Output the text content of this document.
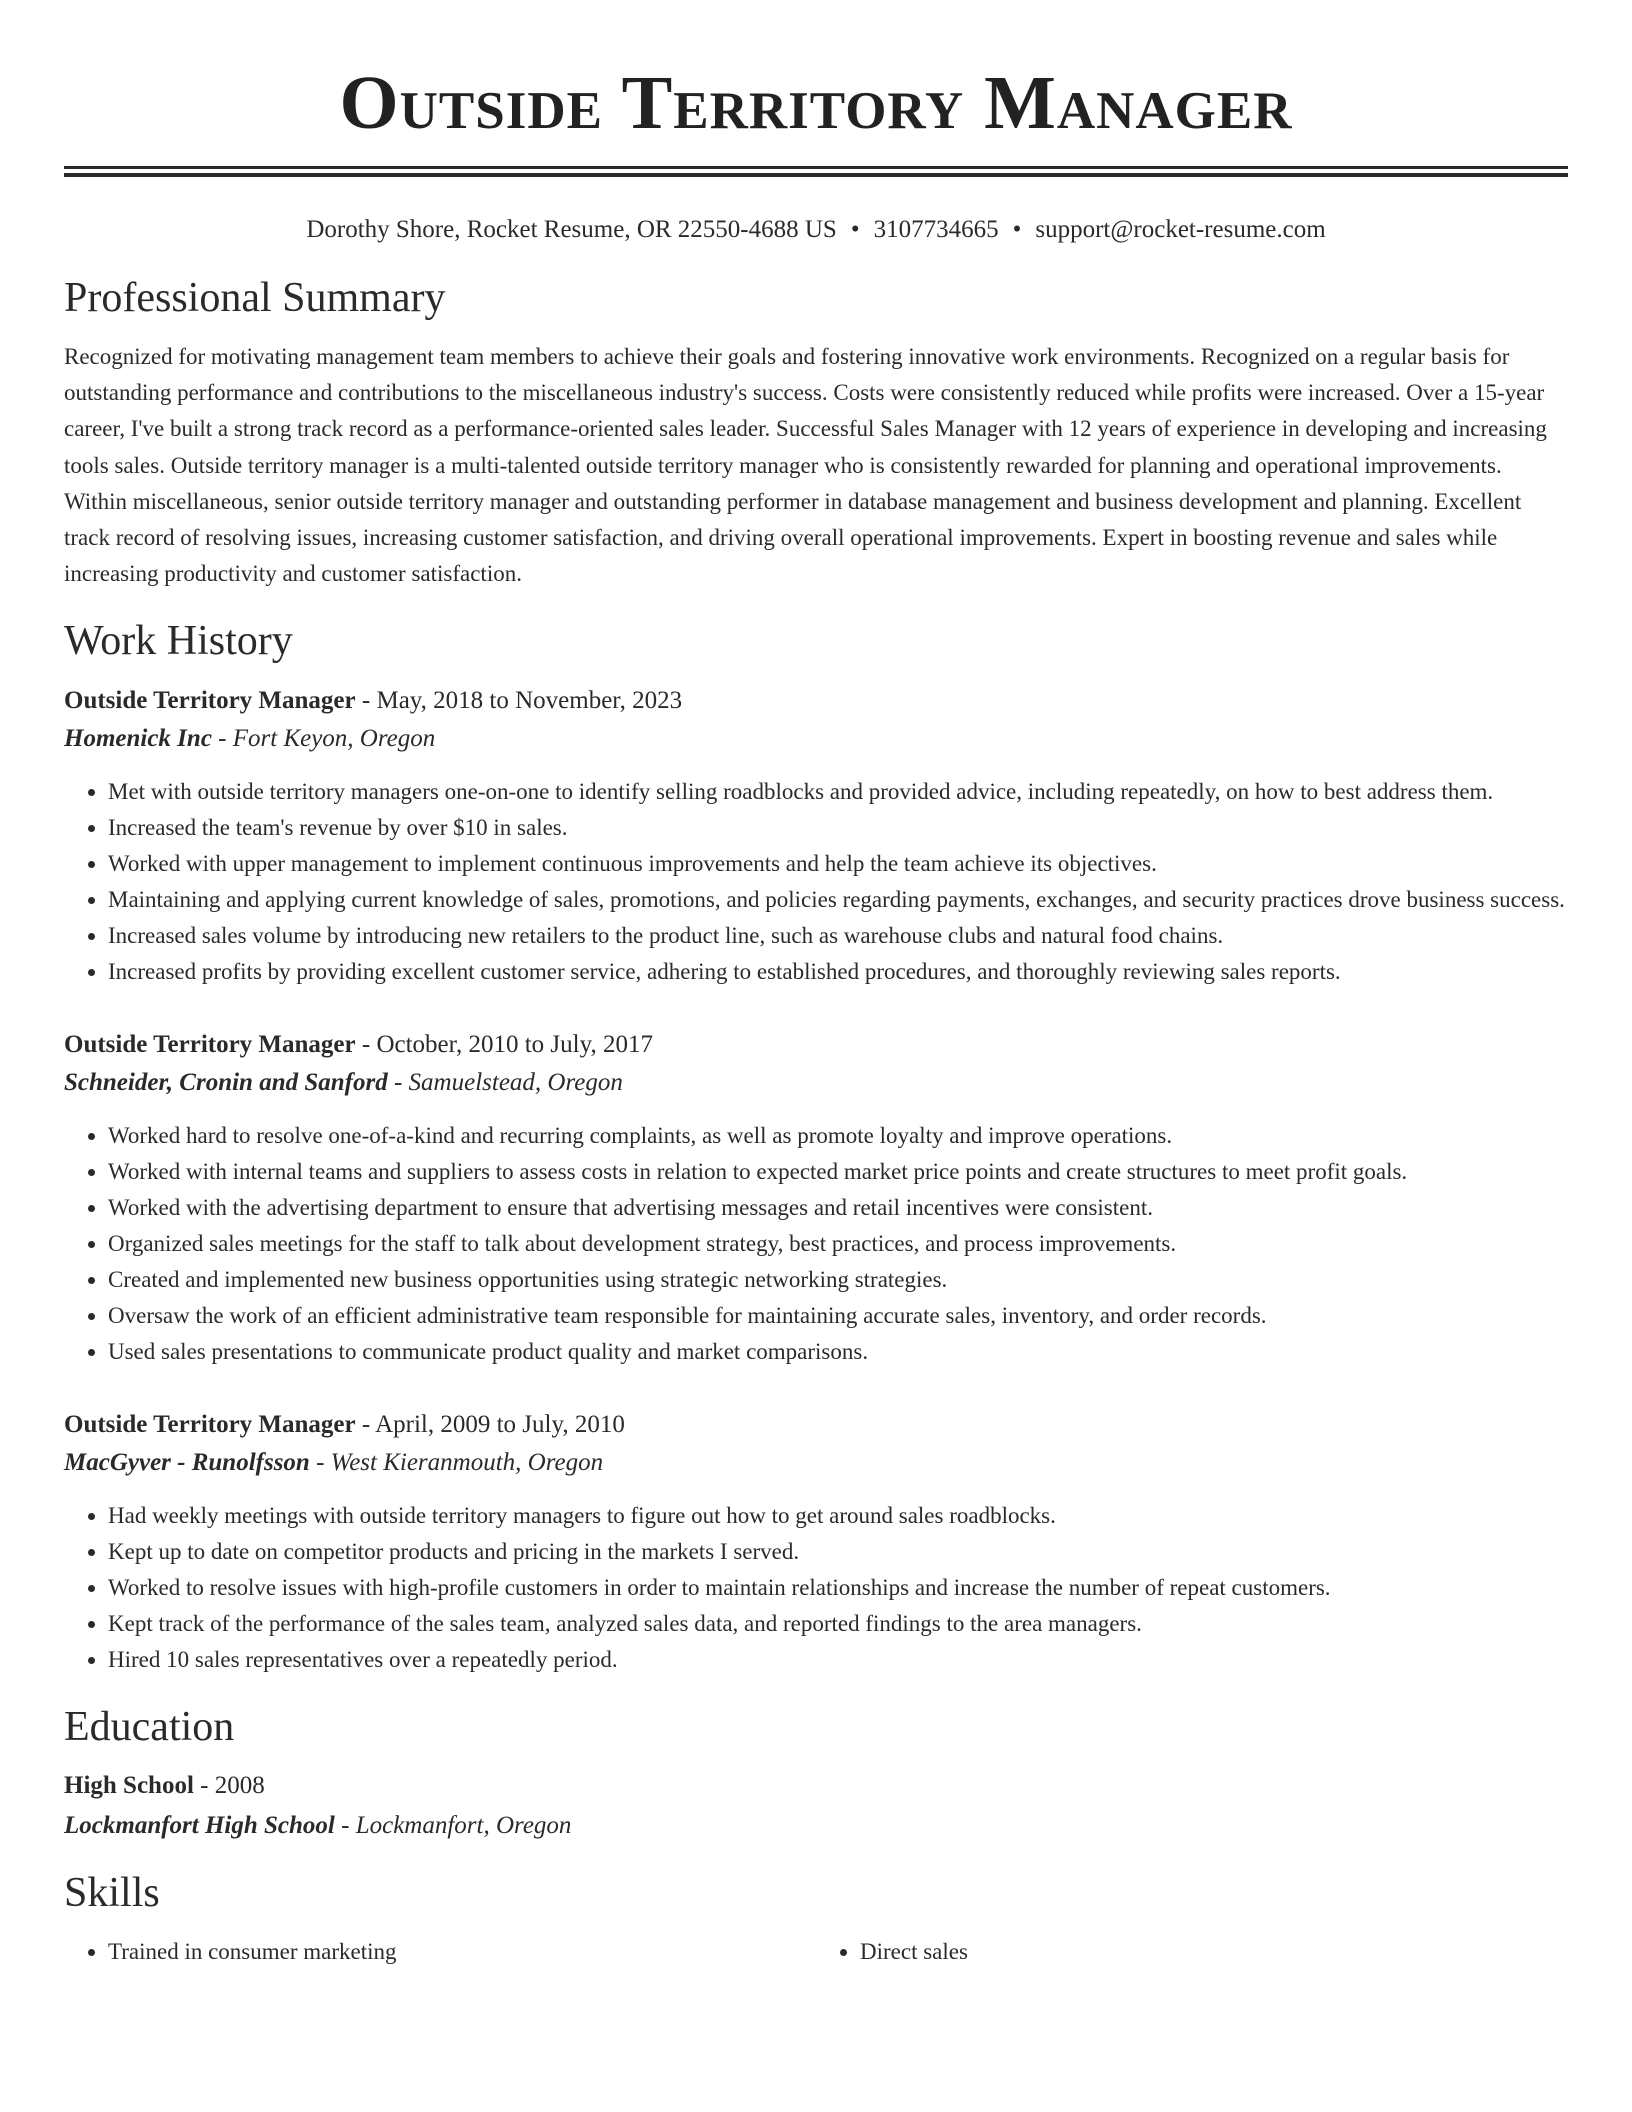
Outside Territory Manager
Dorothy Shore, Rocket Resume, OR 22550-4688 US • 3107734665 • support@rocket-resume.com
Professional Summary

Recognized for motivating management team members to achieve their goals and fostering innovative work environments. Recognized on a regular basis for outstanding performance and contributions to the miscellaneous industry's success. Costs were consistently reduced while profits were increased. Over a 15-year career, I've built a strong track record as a performance-oriented sales leader. Successful Sales Manager with 12 years of experience in developing and increasing tools sales. Outside territory manager is a multi-talented outside territory manager who is consistently rewarded for planning and operational improvements. Within miscellaneous, senior outside territory manager and outstanding performer in database management and business development and planning. Excellent track record of resolving issues, increasing customer satisfaction, and driving overall operational improvements. Expert in boosting revenue and sales while increasing productivity and customer satisfaction.

Work History
Outside Territory Manager - May, 2018 to November, 2023
Homenick Inc - Fort Keyon, Oregon
• Met with outside territory managers one-on-one to identify selling roadblocks and provided advice, including repeatedly, on how to best address them.
• Increased the team's revenue by over $10 in sales.
• Worked with upper management to implement continuous improvements and help the team achieve its objectives.
• Maintaining and applying current knowledge of sales, promotions, and policies regarding payments, exchanges, and security practices drove business success.
• Increased sales volume by introducing new retailers to the product line, such as warehouse clubs and natural food chains.
• Increased profits by providing excellent customer service, adhering to established procedures, and thoroughly reviewing sales reports.
Outside Territory Manager - October, 2010 to July, 2017
Schneider, Cronin and Sanford - Samuelstead, Oregon
• Worked hard to resolve one-of-a-kind and recurring complaints, as well as promote loyalty and improve operations.
• Worked with internal teams and suppliers to assess costs in relation to expected market price points and create structures to meet profit goals.
• Worked with the advertising department to ensure that advertising messages and retail incentives were consistent.
• Organized sales meetings for the staff to talk about development strategy, best practices, and process improvements.
• Created and implemented new business opportunities using strategic networking strategies.
• Oversaw the work of an efficient administrative team responsible for maintaining accurate sales, inventory, and order records.
• Used sales presentations to communicate product quality and market comparisons.
Outside Territory Manager - April, 2009 to July, 2010
MacGyver - Runolfsson - West Kieranmouth, Oregon
• Had weekly meetings with outside territory managers to figure out how to get around sales roadblocks.
• Kept up to date on competitor products and pricing in the markets I served.
• Worked to resolve issues with high-profile customers in order to maintain relationships and increase the number of repeat customers.
• Kept track of the performance of the sales team, analyzed sales data, and reported findings to the area managers.
• Hired 10 sales representatives over a repeatedly period.
Education
High School - 2008
Lockmanfort High School - Lockmanfort, Oregon
Skills
• Trained in consumer marketing
•	Direct sales
